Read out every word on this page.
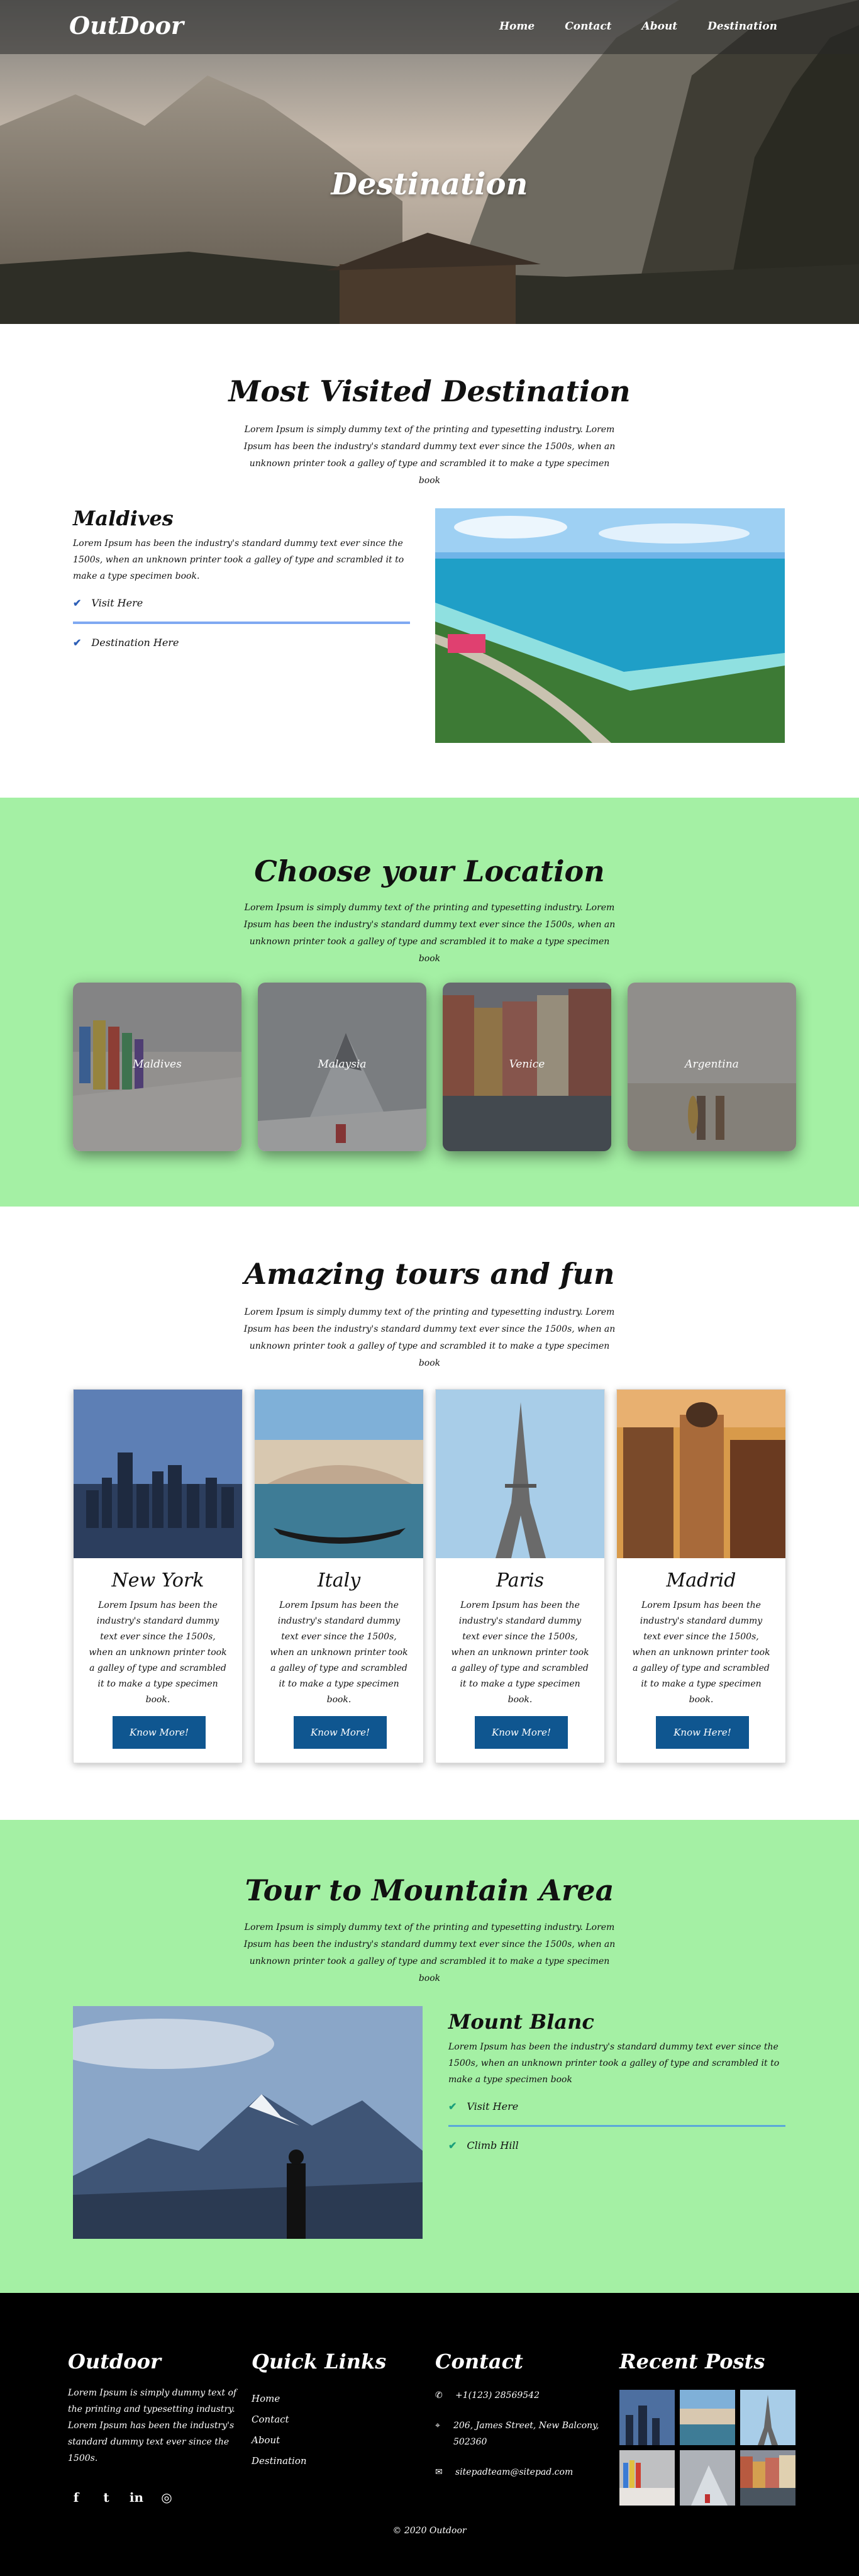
OutDoor	Home	Contact	About	Destination
Destination
Most Visited Destination

Lorem Ipsum is simply dummy text of the printing and typesetting industry. Lorem Ipsum has been the industry's standard dummy text ever since the 1500s, when an unknown printer took a galley of type and scrambled it to make a type specimen book

Maldives

Lorem Ipsum has been the industry's standard dummy text ever since the 1500s, when an unknown printer took a galley of type and scrambled it to make a type specimen book.

✔ Visit Here
✔ Destination Here
Choose your Location

Lorem Ipsum is simply dummy text of the printing and typesetting industry. Lorem Ipsum has been the industry's standard dummy text ever since the 1500s, when an unknown printer took a galley of type and scrambled it to make a type specimen book

Maldives	Malaysia	Venice	Argentina
Amazing tours and fun

Lorem Ipsum is simply dummy text of the printing and typesetting industry. Lorem Ipsum has been the industry's standard dummy text ever since the 1500s, when an unknown printer took a galley of type and scrambled it to make a type specimen book

New York

Lorem Ipsum has been the industry's standard dummy text ever since the 1500s, when an unknown printer took a galley of type and scrambled it to make a type specimen book.

Know More!
Italy

Lorem Ipsum has been the industry's standard dummy text ever since the 1500s, when an unknown printer took a galley of type and scrambled it to make a type specimen book.

Know More!
Paris

Lorem Ipsum has been the industry's standard dummy text ever since the 1500s, when an unknown printer took a galley of type and scrambled it to make a type specimen book.

Know More!
Madrid

Lorem Ipsum has been the industry's standard dummy text ever since the 1500s, when an unknown printer took a galley of type and scrambled it to make a type specimen book.

Know Here!
Tour to Mountain Area

Lorem Ipsum is simply dummy text of the printing and typesetting industry. Lorem Ipsum has been the industry's standard dummy text ever since the 1500s, when an unknown printer took a galley of type and scrambled it to make a type specimen book

Mount Blanc

Lorem Ipsum has been the industry's standard dummy text ever since the 1500s, when an unknown printer took a galley of type and scrambled it to make a type specimen book

✔ Visit Here
✔ Climb Hill
Outdoor

Lorem Ipsum is simply dummy text of the printing and typesetting industry. Lorem Ipsum has been the industry's standard dummy text ever since the 1500s.

f	t	in ◎
Quick Links
Home
Contact
About
Destination
Contact
✆	+1(123) 28569542
⌖	206, James Street, New Balcony, 502360
✉	sitepadteam@sitepad.com
Recent Posts
© 2020 Outdoor
